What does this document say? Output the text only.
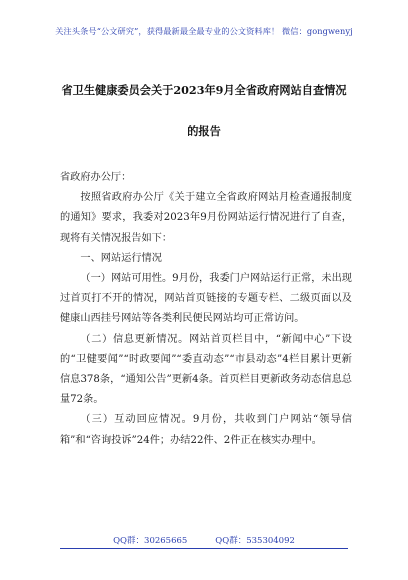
关注头条号“公文研究”，获得最新最全最专业的公文资料库！ 微信：gongwenyj
省卫生健康委员会关于2023年9月全省政府网站自查情况
的报告

省政府办公厅：

按照省政府办公厅《关于建立全省政府网站月检查通报制度的通知》要求，我委对2023年9月份网站运行情况进行了自查，现将有关情况报告如下：

一、网站运行情况

（一）网站可用性。9月份，我委门户网站运行正常，未出现过首页打不开的情况，网站首页链接的专题专栏、二级页面以及健康山西挂号网站等各类利民便民网站均可正常访问。

（二）信息更新情况。网站首页栏目中，“新闻中心”下设的“卫健要闻”“时政要闻”“委直动态”“市县动态”4栏目累计更新信息378条，“通知公告”更新4条。首页栏目更新政务动态信息总量72条。

（三）互动回应情况。9月份，共收到门户网站“领导信箱”和“咨询投诉”24件；办结22件、2件正在核实办理中。

QQ群：30265665	QQ群：535304092
